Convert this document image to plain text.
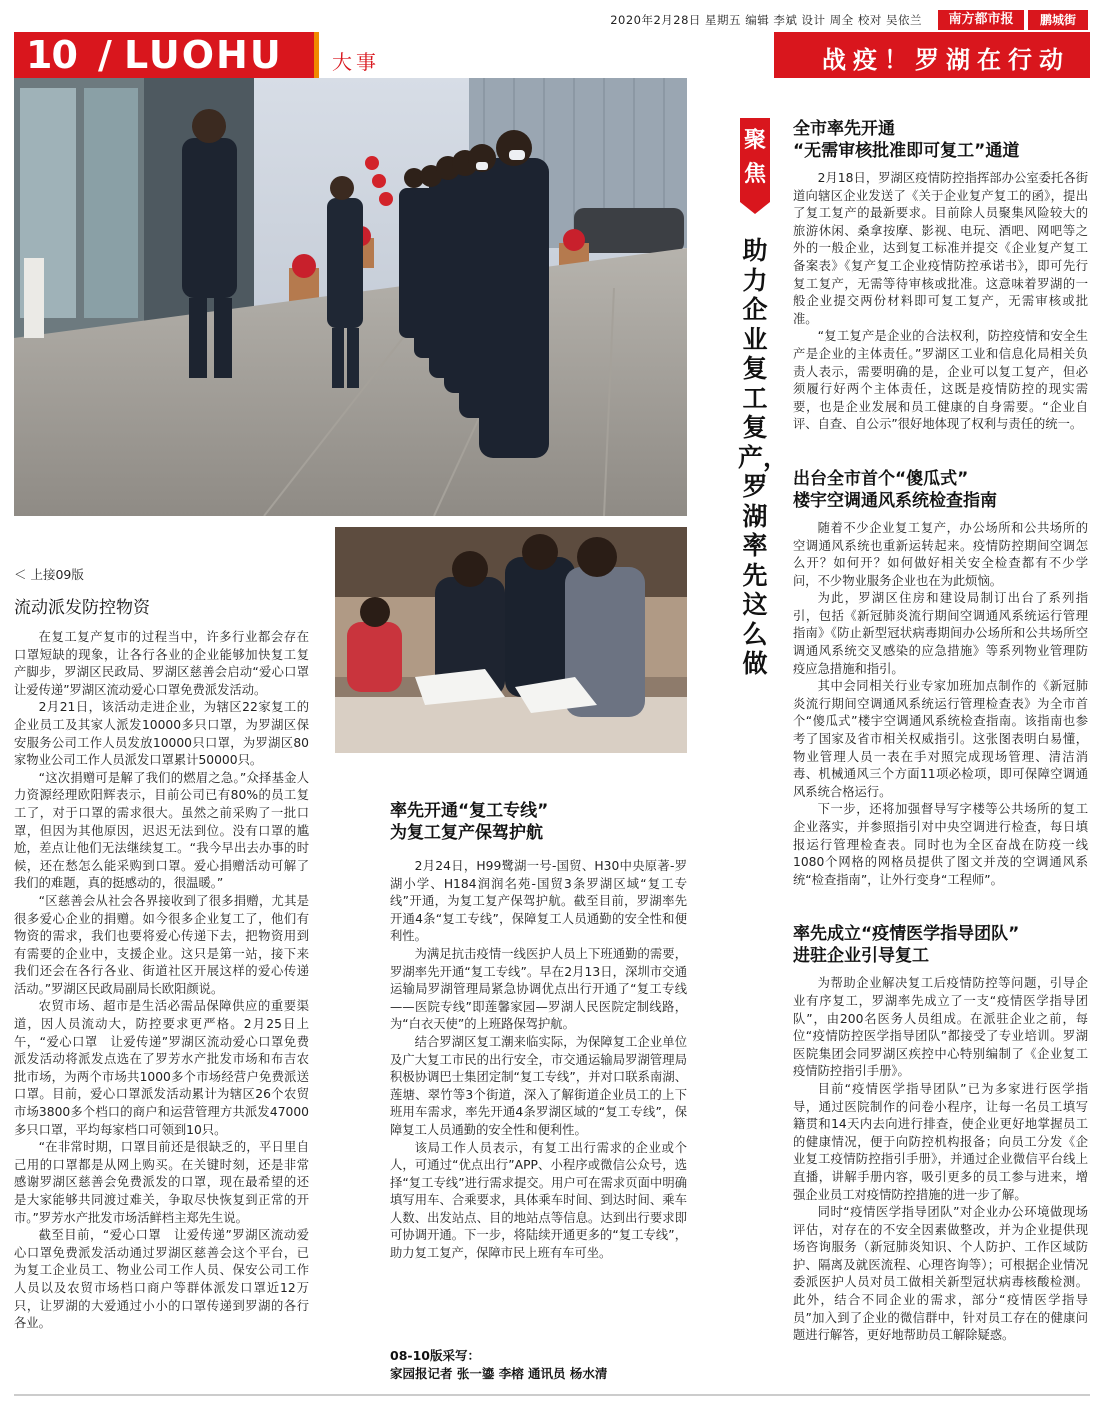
2020年2月28日 星期五 编辑 李斌 设计 周全 校对 吴依兰	南方都市报	鹏城街
10 / LUOHU 大事	战疫！罗湖在行动
＜ 上接09版
流动派发防控物资

在复工复产复市的过程当中，许多行业都会存在口罩短缺的现象，让各行各业的企业能够加快复工复产脚步，罗湖区民政局、罗湖区慈善会启动“爱心口罩　让爱传递”罗湖区流动爱心口罩免费派发活动。

2月21日，该活动走进企业，为辖区22家复工的企业员工及其家人派发10000多只口罩，为罗湖区保安服务公司工作人员发放10000只口罩，为罗湖区80家物业公司工作人员派发口罩累计50000只。

“这次捐赠可是解了我们的燃眉之急。”众择基金人力资源经理欧阳辉表示，目前公司已有80%的员工复工了，对于口罩的需求很大。虽然之前采购了一批口罩，但因为其他原因，迟迟无法到位。没有口罩的尴尬，差点让他们无法继续复工。“我今早出去办事的时候，还在愁怎么能采购到口罩。爱心捐赠活动可解了我们的难题，真的挺感动的，很温暖。”

“区慈善会从社会各界接收到了很多捐赠，尤其是很多爱心企业的捐赠。如今很多企业复工了，他们有物资的需求，我们也要将爱心传递下去，把物资用到有需要的企业中，支援企业。这只是第一站，接下来我们还会在各行各业、街道社区开展这样的爱心传递活动。”罗湖区民政局副局长欧阳颜说。

农贸市场、超市是生活必需品保障供应的重要渠道，因人员流动大，防控要求更严格。2月25日上午，“爱心口罩　让爱传递”罗湖区流动爱心口罩免费派发活动将派发点选在了罗芳水产批发市场和布吉农批市场，为两个市场共1000多个市场经营户免费派送口罩。目前，爱心口罩派发活动累计为辖区26个农贸市场3800多个档口的商户和运营管理方共派发47000多只口罩，平均每家档口可领到10只。

“在非常时期，口罩目前还是很缺乏的，平日里自己用的口罩都是从网上购买。在关键时刻，还是非常感谢罗湖区慈善会免费派发的口罩，现在最希望的还是大家能够共同渡过难关，争取尽快恢复到正常的开市。”罗芳水产批发市场活鲜档主郑先生说。

截至目前，“爱心口罩　让爱传递”罗湖区流动爱心口罩免费派发活动通过罗湖区慈善会这个平台，已为复工企业员工、物业公司工作人员、保安公司工作人员以及农贸市场档口商户等群体派发口罩近12万只，让罗湖的大爱通过小小的口罩传递到罗湖的各行各业。

率先开通“复工专线”
为复工复产保驾护航

2月24日，H99鹭湖一号-国贸、H30中央原著-罗湖小学、H184润润名苑-国贸3条罗湖区域“复工专线”开通，为复工复产保驾护航。截至目前，罗湖率先开通4条“复工专线”，保障复工人员通勤的安全性和便利性。

为满足抗击疫情一线医护人员上下班通勤的需要，罗湖率先开通“复工专线”。早在2月13日，深圳市交通运输局罗湖管理局紧急协调优点出行开通了“复工专线——医院专线”即莲馨家园—罗湖人民医院定制线路，为“白衣天使”的上班路保驾护航。

结合罗湖区复工潮来临实际，为保障复工企业单位及广大复工市民的出行安全，市交通运输局罗湖管理局积极协调巴士集团定制“复工专线”，并对口联系南湖、莲塘、翠竹等3个街道，深入了解街道企业员工的上下班用车需求，率先开通4条罗湖区域的“复工专线”，保障复工人员通勤的安全性和便利性。

该局工作人员表示，有复工出行需求的企业或个人，可通过“优点出行”APP、小程序或微信公众号，选择“复工专线”进行需求提交。用户可在需求页面中明确填写用车、合乘要求，具体乘车时间、到达时间、乘车人数、出发站点、目的地站点等信息。达到出行要求即可协调开通。下一步，将陆续开通更多的“复工专线”，助力复工复产，保障市民上班有车可坐。

08-10版采写：
家园报记者 张一鎏 李榕 通讯员 杨水清
聚
焦
助力企业复工复产，罗湖率先这么做
全市率先开通
“无需审核批准即可复工”通道

2月18日，罗湖区疫情防控指挥部办公室委托各街道向辖区企业发送了《关于企业复产复工的函》，提出了复工复产的最新要求。目前除人员聚集风险较大的旅游休闲、桑拿按摩、影视、电玩、酒吧、网吧等之外的一般企业，达到复工标准并提交《企业复产复工备案表》《复产复工企业疫情防控承诺书》，即可先行复工复产，无需等待审核或批准。这意味着罗湖的一般企业提交两份材料即可复工复产，无需审核或批准。

“复工复产是企业的合法权利，防控疫情和安全生产是企业的主体责任。”罗湖区工业和信息化局相关负责人表示，需要明确的是，企业可以复工复产，但必须履行好两个主体责任，这既是疫情防控的现实需要，也是企业发展和员工健康的自身需要。“企业自评、自查、自公示”很好地体现了权利与责任的统一。

出台全市首个“傻瓜式”
楼宇空调通风系统检查指南

随着不少企业复工复产，办公场所和公共场所的空调通风系统也重新运转起来。疫情防控期间空调怎么开？如何开？如何做好相关安全检查都有不少学问，不少物业服务企业也在为此烦恼。

为此，罗湖区住房和建设局制订出台了系列指引，包括《新冠肺炎流行期间空调通风系统运行管理指南》《防止新型冠状病毒期间办公场所和公共场所空调通风系统交叉感染的应急措施》等系列物业管理防疫应急措施和指引。

其中会同相关行业专家加班加点制作的《新冠肺炎流行期间空调通风系统运行管理检查表》为全市首个“傻瓜式”楼宇空调通风系统检查指南。该指南也参考了国家及省市相关权威指引。这张图表明白易懂，物业管理人员一表在手对照完成现场管理、清洁消毒、机械通风三个方面11项必检项，即可保障空调通风系统合格运行。

下一步，还将加强督导写字楼等公共场所的复工企业落实，并参照指引对中央空调进行检查，每日填报运行管理检查表。同时也为全区奋战在防疫一线1080个网格的网格员提供了图文并茂的空调通风系统“检查指南”，让外行变身“工程师”。

率先成立“疫情医学指导团队”
进驻企业引导复工

为帮助企业解决复工后疫情防控等问题，引导企业有序复工，罗湖率先成立了一支“疫情医学指导团队”，由200名医务人员组成。在派驻企业之前，每位“疫情防控医学指导团队”都接受了专业培训。罗湖医院集团会同罗湖区疾控中心特别编制了《企业复工疫情防控指引手册》。

目前“疫情医学指导团队”已为多家进行医学指导，通过医院制作的问卷小程序，让每一名员工填写籍贯和14天内去向进行排查，使企业更好地掌握员工的健康情况，便于向防控机构报备；向员工分发《企业复工疫情防控指引手册》，并通过企业微信平台线上直播，讲解手册内容，吸引更多的员工参与进来，增强企业员工对疫情防控措施的进一步了解。

同时“疫情医学指导团队”对企业办公环境做现场评估，对存在的不安全因素做整改，并为企业提供现场咨询服务（新冠肺炎知识、个人防护、工作区域防护、隔离及就医流程、心理咨询等）；可根据企业情况委派医护人员对员工做相关新型冠状病毒核酸检测。此外，结合不同企业的需求，部分“疫情医学指导员”加入到了企业的微信群中，针对员工存在的健康问题进行解答，更好地帮助员工解除疑惑。
